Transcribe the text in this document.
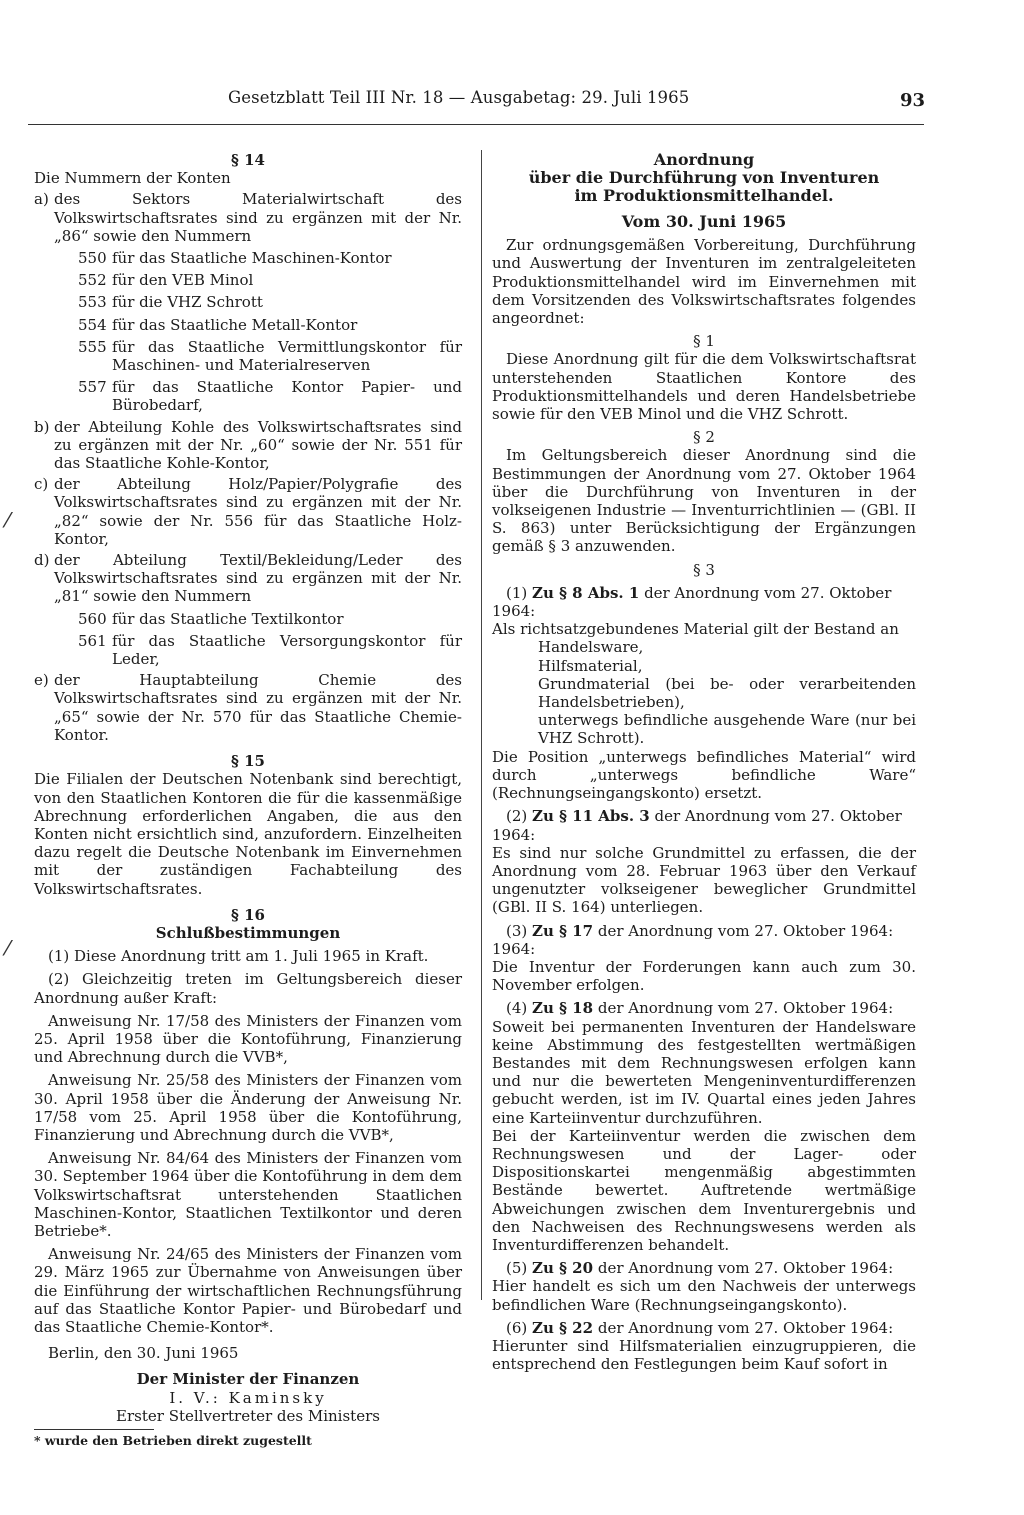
Gesetzblatt Teil III Nr. 18 — Ausgabetag: 29. Juli 1965	93
⁄
⁄
§ 14
Die Nummern der Konten
a) des Sektors Materialwirtschaft des Volkswirtschaftsrates sind zu ergänzen mit der Nr. „86“ sowie den Nummern
550 für das Staatliche Maschinen-Kontor
552 für den VEB Minol
553 für die VHZ Schrott
554 für das Staatliche Metall-Kontor
555 für das Staatliche Vermittlungskontor für Maschinen- und Materialreserven
557 für das Staatliche Kontor Papier- und Bürobedarf,
b) der Abteilung Kohle des Volkswirtschaftsrates sind zu ergänzen mit der Nr. „60“ sowie der Nr. 551 für das Staatliche Kohle-Kontor,
c) der Abteilung Holz/Papier/Polygrafie des Volkswirtschaftsrates sind zu ergänzen mit der Nr. „82“ sowie der Nr. 556 für das Staatliche Holz-Kontor,
d) der Abteilung Textil/Bekleidung/Leder des Volkswirtschaftsrates sind zu ergänzen mit der Nr. „81“ sowie den Nummern
560 für das Staatliche Textilkontor
561 für das Staatliche Versorgungskontor für Leder,
e) der Hauptabteilung Chemie des Volkswirtschaftsrates sind zu ergänzen mit der Nr. „65“ sowie der Nr. 570 für das Staatliche Chemie-Kontor.
§ 15
Die Filialen der Deutschen Notenbank sind berechtigt, von den Staatlichen Kontoren die für die kassenmäßige Abrechnung erforderlichen Angaben, die aus den Konten nicht ersichtlich sind, anzufordern. Einzelheiten dazu regelt die Deutsche Notenbank im Einvernehmen mit der zuständigen Fachabteilung des Volkswirtschaftsrates.
§ 16
Schlußbestimmungen
(1) Diese Anordnung tritt am 1. Juli 1965 in Kraft.
(2) Gleichzeitig treten im Geltungsbereich dieser Anordnung außer Kraft:
Anweisung Nr. 17/58 des Ministers der Finanzen vom 25. April 1958 über die Kontoführung, Finanzierung und Abrechnung durch die VVB*,
Anweisung Nr. 25/58 des Ministers der Finanzen vom 30. April 1958 über die Änderung der Anweisung Nr. 17/58 vom 25. April 1958 über die Kontoführung, Finanzierung und Abrechnung durch die VVB*,
Anweisung Nr. 84/64 des Ministers der Finanzen vom 30. September 1964 über die Kontoführung in dem dem Volkswirtschaftsrat unterstehenden Staatlichen Maschinen-Kontor, Staatlichen Textilkontor und deren Betriebe*.
Anweisung Nr. 24/65 des Ministers der Finanzen vom 29. März 1965 zur Übernahme von Anweisungen über die Einführung der wirtschaftlichen Rechnungsführung auf das Staatliche Kontor Papier- und Bürobedarf und das Staatliche Chemie-Kontor*.
Berlin, den 30. Juni 1965
Der Minister der Finanzen
I. V.: Kaminsky
Erster Stellvertreter des Ministers
* wurde den Betrieben direkt zugestellt
Anordnung
über die Durchführung von Inventuren
im Produktionsmittelhandel.
Vom 30. Juni 1965
Zur ordnungsgemäßen Vorbereitung, Durchführung und Auswertung der Inventuren im zentralgeleiteten Produktionsmittelhandel wird im Einvernehmen mit dem Vorsitzenden des Volkswirtschaftsrates folgendes angeordnet:
§ 1
Diese Anordnung gilt für die dem Volkswirtschaftsrat unterstehenden Staatlichen Kontore des Produktionsmittelhandels und deren Handelsbetriebe sowie für den VEB Minol und die VHZ Schrott.
§ 2
Im Geltungsbereich dieser Anordnung sind die Bestimmungen der Anordnung vom 27. Oktober 1964 über die Durchführung von Inventuren in der volkseigenen Industrie — Inventurrichtlinien — (GBl. II S. 863) unter Berücksichtigung der Ergänzungen gemäß § 3 anzuwenden.
§ 3
(1) Zu § 8 Abs. 1 der Anordnung vom 27. Oktober 1964:
Als richtsatzgebundenes Material gilt der Bestand an
Handelsware,
Hilfsmaterial,
Grundmaterial (bei be- oder verarbeitenden Handelsbetrieben),
unterwegs befindliche ausgehende Ware (nur bei VHZ Schrott).
Die Position „unterwegs befindliches Material“ wird durch „unterwegs befindliche Ware“ (Rechnungseingangskonto) ersetzt.
(2) Zu § 11 Abs. 3 der Anordnung vom 27. Oktober 1964:
Es sind nur solche Grundmittel zu erfassen, die der Anordnung vom 28. Februar 1963 über den Verkauf ungenutzter volkseigener beweglicher Grundmittel (GBl. II S. 164) unterliegen.
(3) Zu § 17 der Anordnung vom 27. Oktober 1964: 1964:
Die Inventur der Forderungen kann auch zum 30. November erfolgen.
(4) Zu § 18 der Anordnung vom 27. Oktober 1964:
Soweit bei permanenten Inventuren der Handelsware keine Abstimmung des festgestellten wertmäßigen Bestandes mit dem Rechnungswesen erfolgen kann und nur die bewerteten Mengeninventurdifferenzen gebucht werden, ist im IV. Quartal eines jeden Jahres eine Karteiinventur durchzuführen.
Bei der Karteiinventur werden die zwischen dem Rechnungswesen und der Lager- oder Dispositionskartei mengenmäßig abgestimmten Bestände bewertet. Auftretende wertmäßige Abweichungen zwischen dem Inventurergebnis und den Nachweisen des Rechnungswesens werden als Inventurdifferenzen behandelt.
(5) Zu § 20 der Anordnung vom 27. Oktober 1964:
Hier handelt es sich um den Nachweis der unterwegs befindlichen Ware (Rechnungseingangskonto).
(6) Zu § 22 der Anordnung vom 27. Oktober 1964:
Hierunter sind Hilfsmaterialien einzugruppieren, die entsprechend den Festlegungen beim Kauf sofort in
